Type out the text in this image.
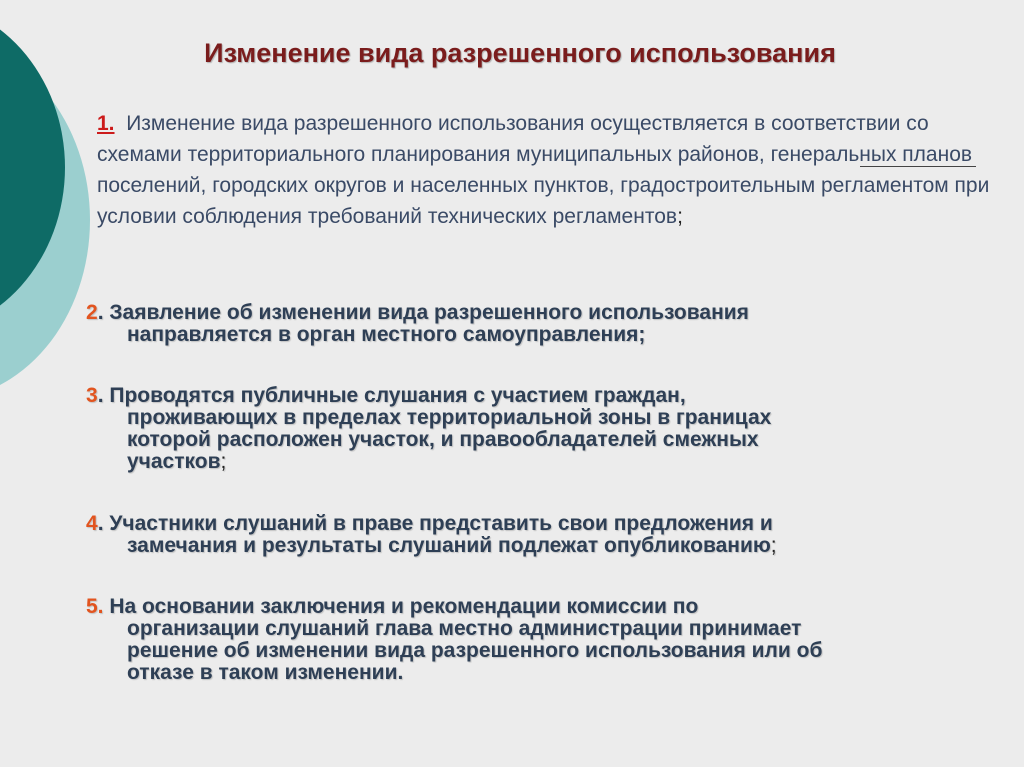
Изменение вида разрешенного использования
1. Изменение вида разрешенного использования осуществляется в соответствии со схемами территориального планирования муниципальных районов, генеральных планов поселений, городских округов и населенных пунктов, градостроительным регламентом при условии соблюдения требований технических регламентов;
2. Заявление об изменении вида разрешенного использования
направляется в орган местного самоуправления;
3. Проводятся публичные слушания с участием граждан,
проживающих в пределах территориальной зоны в границах
которой расположен участок, и правообладателей смежных
участков;
4. Участники слушаний в праве представить свои предложения и
замечания и результаты слушаний подлежат опубликованию;
5. На основании заключения и рекомендации комиссии по
организации слушаний глава местно администрации принимает
решение об изменении вида разрешенного использования или об
отказе в таком изменении.
